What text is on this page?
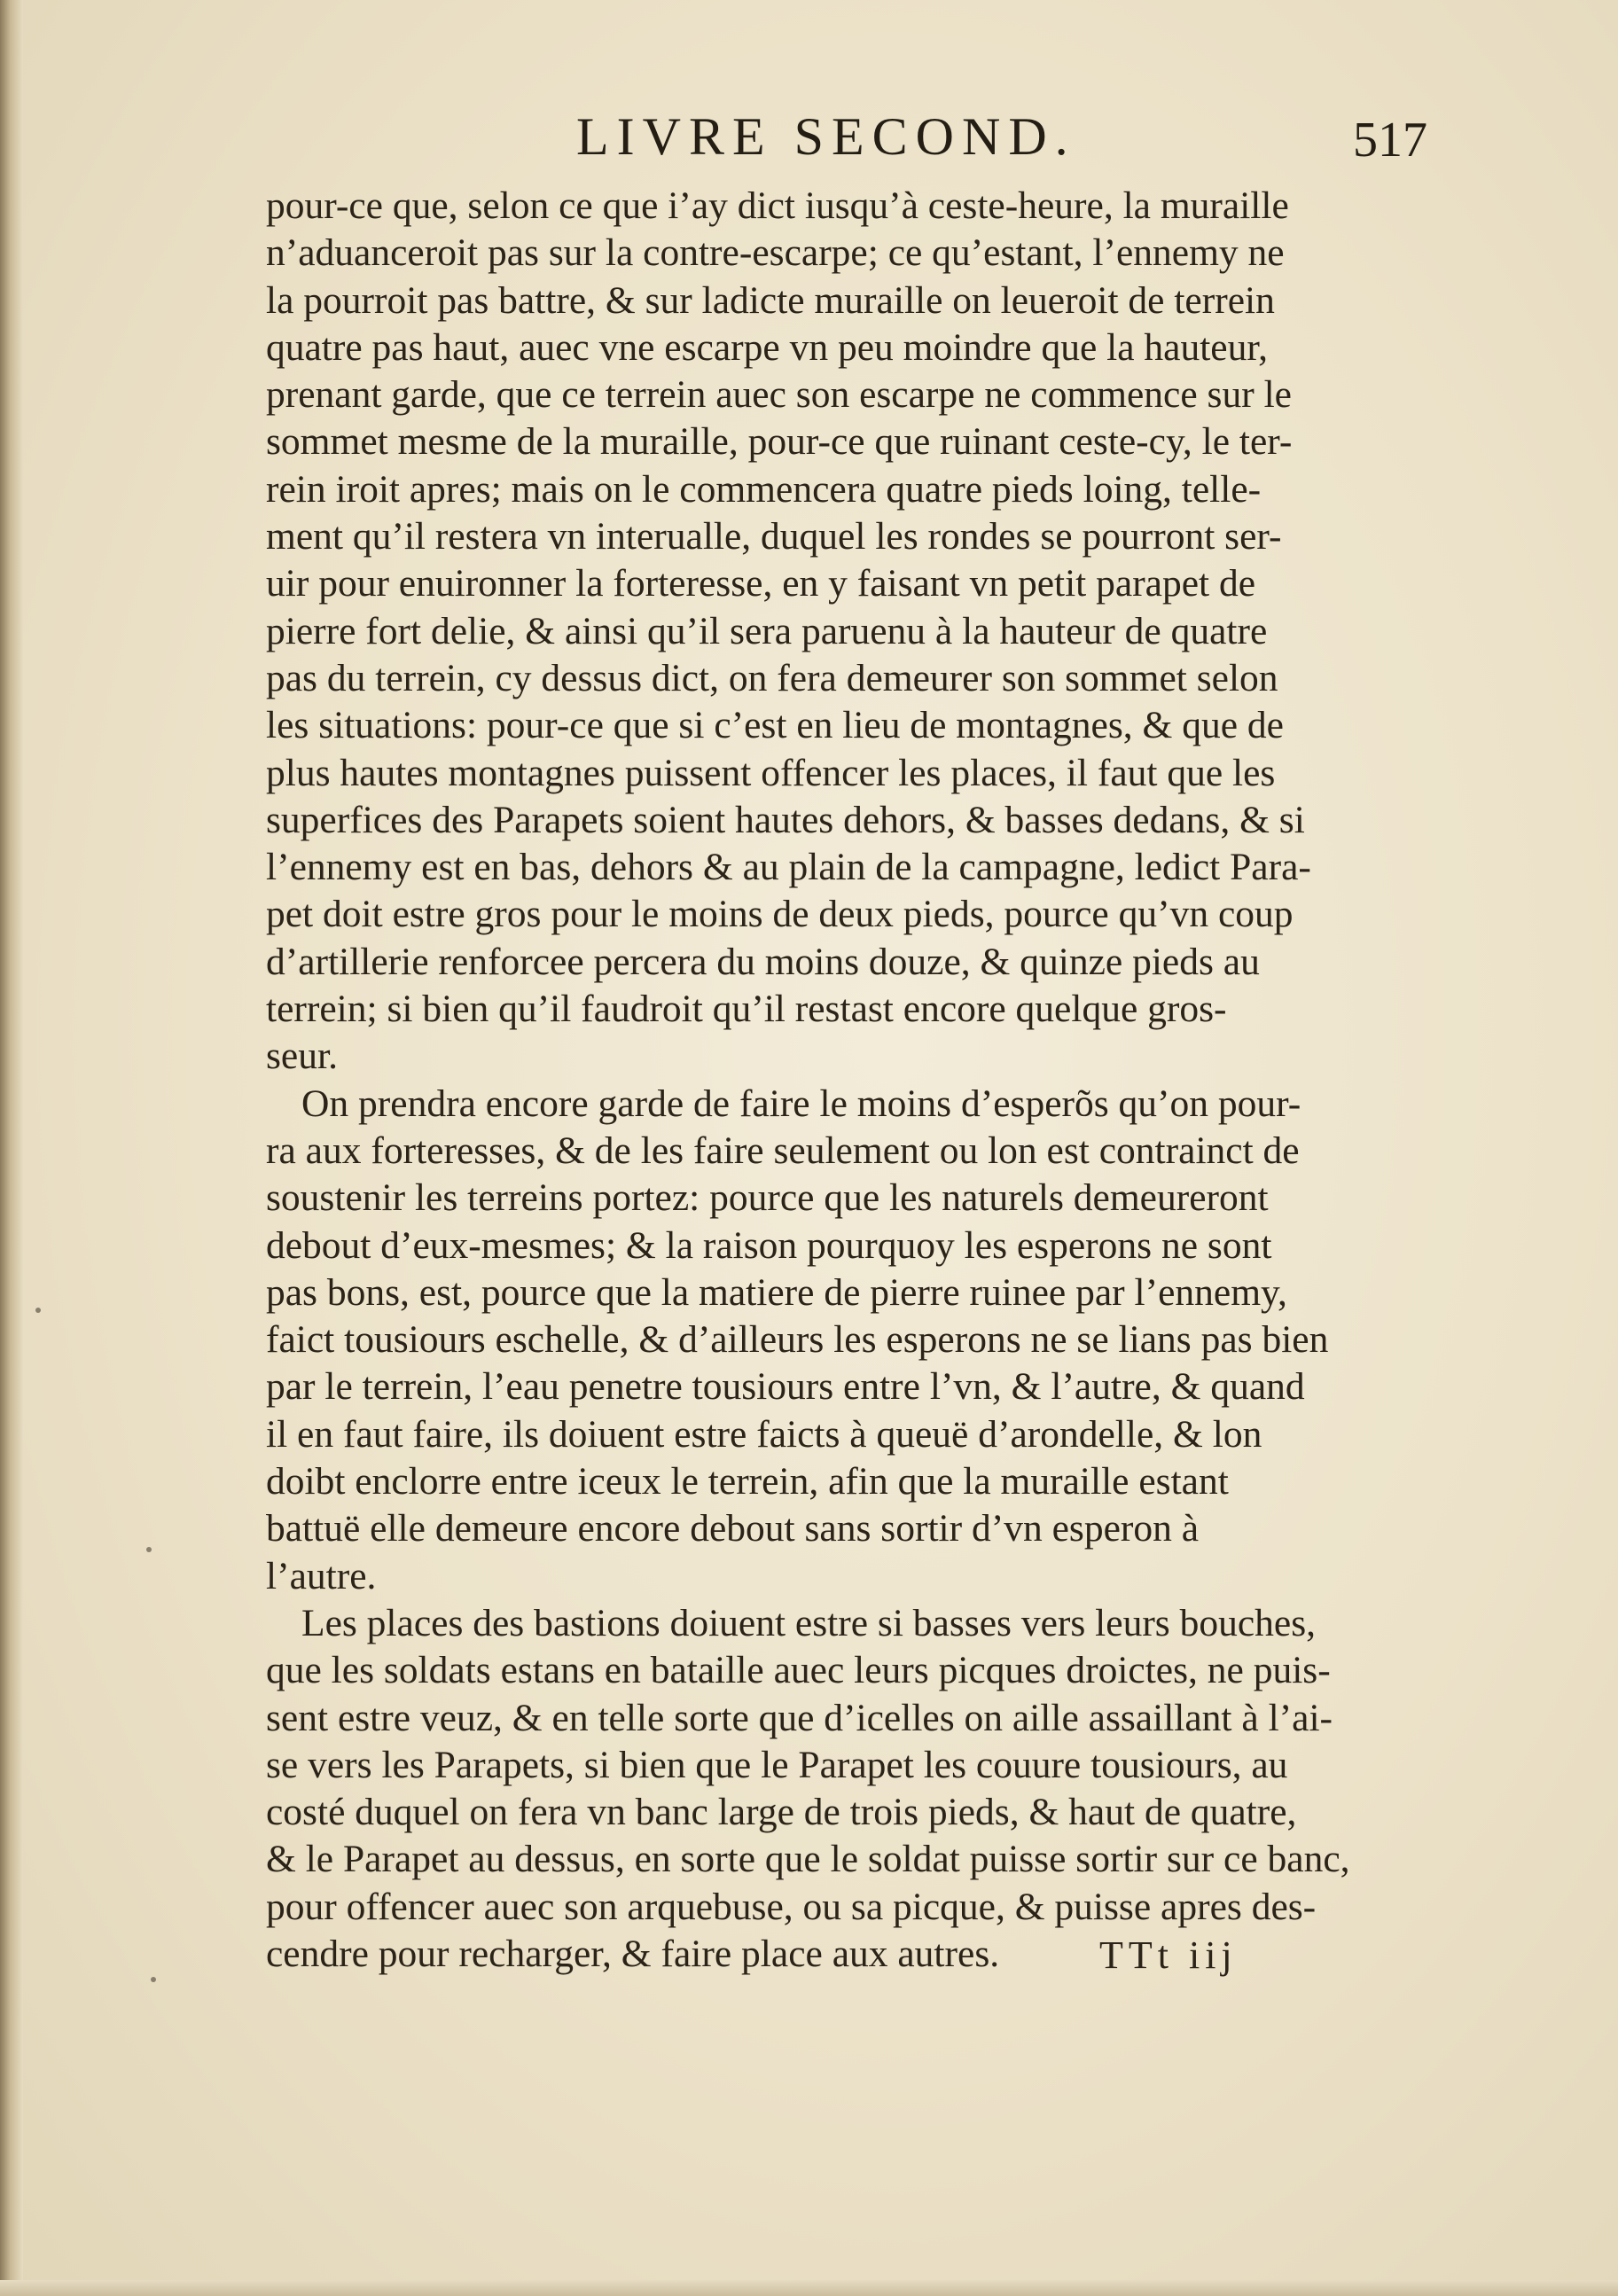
LIVRE SECOND.	517
pour-ce que, selon ce que i’ay dict iusqu’à ceste-heure, la muraille
n’aduanceroit pas sur la contre-escarpe; ce qu’estant, l’ennemy ne
la pourroit pas battre, & sur ladicte muraille on leueroit de terrein
quatre pas haut, auec vne escarpe vn peu moindre que la hauteur,
prenant garde, que ce terrein auec son escarpe ne commence sur le
sommet mesme de la muraille, pour-ce que ruinant ceste-cy, le ter-
rein iroit apres; mais on le commencera quatre pieds loing, telle-
ment qu’il restera vn interualle, duquel les rondes se pourront ser-
uir pour enuironner la forteresse, en y faisant vn petit parapet de
pierre fort delie, & ainsi qu’il sera paruenu à la hauteur de quatre
pas du terrein, cy dessus dict, on fera demeurer son sommet selon
les situations: pour-ce que si c’est en lieu de montagnes, & que de
plus hautes montagnes puissent offencer les places, il faut que les
superfices des Parapets soient hautes dehors, & basses dedans, & si
l’ennemy est en bas, dehors & au plain de la campagne, ledict Para-
pet doit estre gros pour le moins de deux pieds, pource qu’vn coup
d’artillerie renforcee percera du moins douze, & quinze pieds au
terrein; si bien qu’il faudroit qu’il restast encore quelque gros-
seur.
On prendra encore garde de faire le moins d’esperõs qu’on pour-
ra aux forteresses, & de les faire seulement ou lon est contrainct de
soustenir les terreins portez: pource que les naturels demeureront
debout d’eux-mesmes; & la raison pourquoy les esperons ne sont
pas bons, est, pource que la matiere de pierre ruinee par l’ennemy,
faict tousiours eschelle, & d’ailleurs les esperons ne se lians pas bien
par le terrein, l’eau penetre tousiours entre l’vn, & l’autre, & quand
il en faut faire, ils doiuent estre faicts à queuë d’arondelle, & lon
doibt enclorre entre iceux le terrein, afin que la muraille estant
battuë elle demeure encore debout sans sortir d’vn esperon à
l’autre.
Les places des bastions doiuent estre si basses vers leurs bouches,
que les soldats estans en bataille auec leurs picques droictes, ne puis-
sent estre veuz, & en telle sorte que d’icelles on aille assaillant à l’ai-
se vers les Parapets, si bien que le Parapet les couure tousiours, au
costé duquel on fera vn banc large de trois pieds, & haut de quatre,
& le Parapet au dessus, en sorte que le soldat puisse sortir sur ce banc,
pour offencer auec son arquebuse, ou sa picque, & puisse apres des-
cendre pour recharger, & faire place aux autres.	TTt iij
